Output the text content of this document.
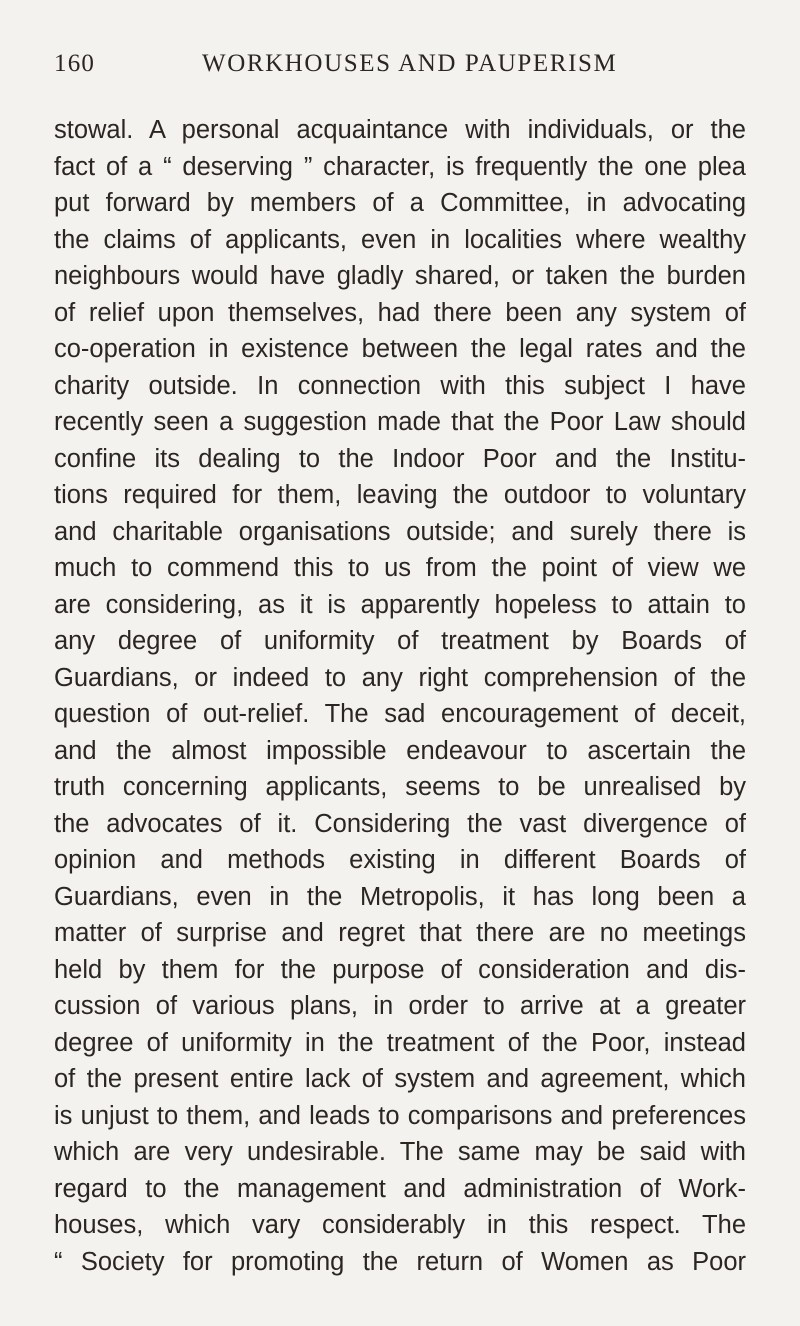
160	WORKHOUSES AND PAUPERISM
stowal. A personal acquaintance with individuals, or the
fact of a “ deserving ” character, is frequently the one plea
put forward by members of a Committee, in advocating
the claims of applicants, even in localities where wealthy
neighbours would have gladly shared, or taken the burden
of relief upon themselves, had there been any system of
co-operation in existence between the legal rates and the
charity outside. In connection with this subject I have
recently seen a suggestion made that the Poor Law should
confine its dealing to the Indoor Poor and the Institu-
tions required for them, leaving the outdoor to voluntary
and charitable organisations outside; and surely there is
much to commend this to us from the point of view we
are considering, as it is apparently hopeless to attain to
any degree of uniformity of treatment by Boards of
Guardians, or indeed to any right comprehension of the
question of out-relief. The sad encouragement of deceit,
and the almost impossible endeavour to ascertain the
truth concerning applicants, seems to be unrealised by
the advocates of it. Considering the vast divergence of
opinion and methods existing in different Boards of
Guardians, even in the Metropolis, it has long been a
matter of surprise and regret that there are no meetings
held by them for the purpose of consideration and dis-
cussion of various plans, in order to arrive at a greater
degree of uniformity in the treatment of the Poor, instead
of the present entire lack of system and agreement, which
is unjust to them, and leads to comparisons and preferences
which are very undesirable. The same may be said with
regard to the management and administration of Work-
houses, which vary considerably in this respect. The
“ Society for promoting the return of Women as Poor
